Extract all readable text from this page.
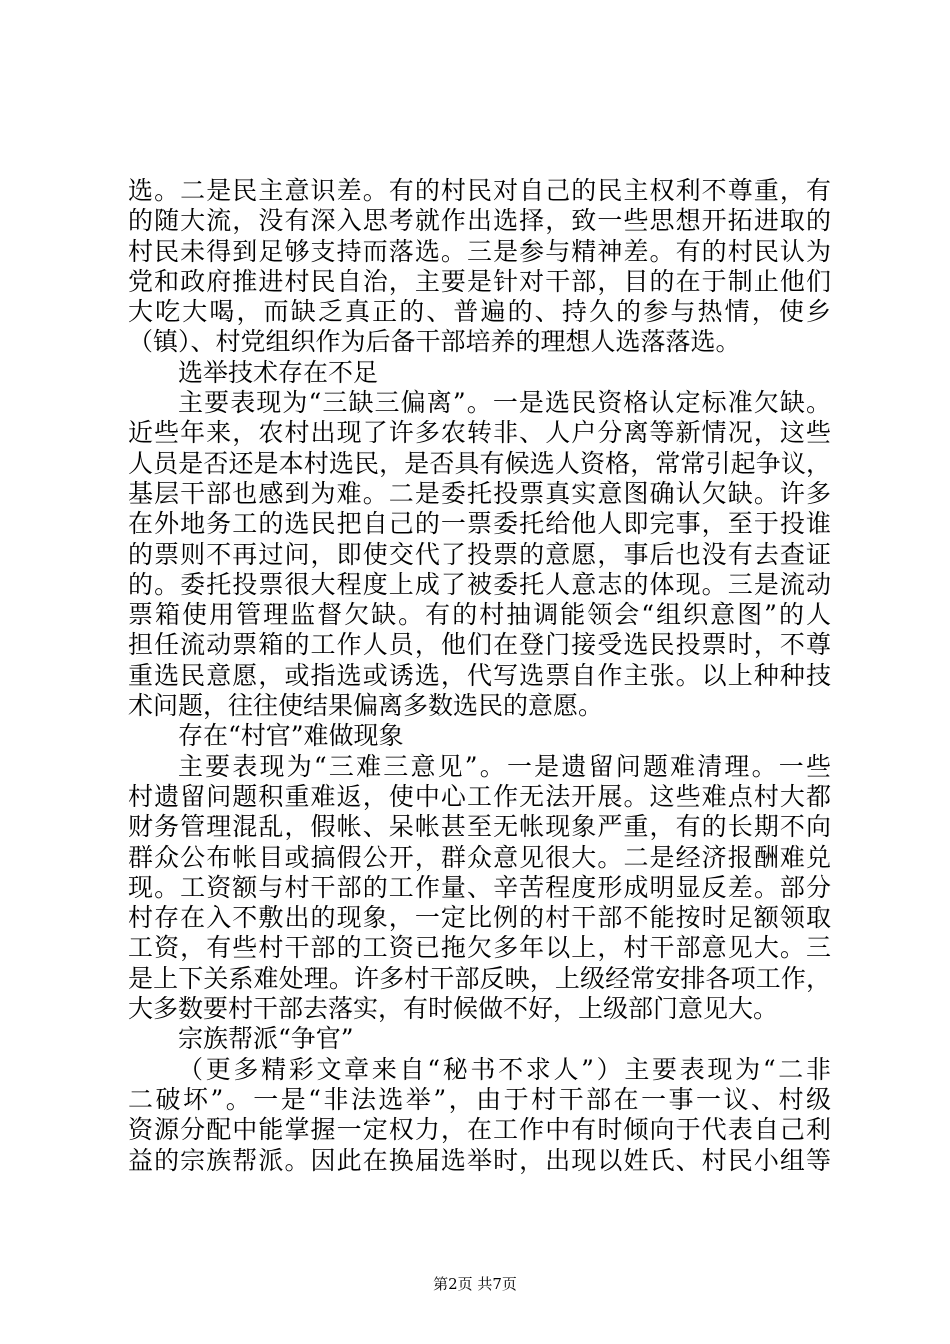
选。二是民主意识差。有的村民对自己的民主权利不尊重，有
的随大流，没有深入思考就作出选择，致一些思想开拓进取的
村民未得到足够支持而落选。三是参与精神差。有的村民认为
党和政府推进村民自治，主要是针对干部，目的在于制止他们
大吃大喝，而缺乏真正的、普遍的、持久的参与热情，使乡
（镇）、村党组织作为后备干部培养的理想人选落落选。
选举技术存在不足
主要表现为“三缺三偏离”。一是选民资格认定标准欠缺。
近些年来，农村出现了许多农转非、人户分离等新情况，这些
人员是否还是本村选民，是否具有候选人资格，常常引起争议，
基层干部也感到为难。二是委托投票真实意图确认欠缺。许多
在外地务工的选民把自己的一票委托给他人即完事，至于投谁
的票则不再过问，即使交代了投票的意愿，事后也没有去查证
的。委托投票很大程度上成了被委托人意志的体现。三是流动
票箱使用管理监督欠缺。有的村抽调能领会“组织意图”的人
担任流动票箱的工作人员，他们在登门接受选民投票时，不尊
重选民意愿，或指选或诱选，代写选票自作主张。以上种种技
术问题，往往使结果偏离多数选民的意愿。
存在“村官”难做现象
主要表现为“三难三意见”。一是遗留问题难清理。一些
村遗留问题积重难返，使中心工作无法开展。这些难点村大都
财务管理混乱，假帐、呆帐甚至无帐现象严重，有的长期不向
群众公布帐目或搞假公开，群众意见很大。二是经济报酬难兑
现。工资额与村干部的工作量、辛苦程度形成明显反差。部分
村存在入不敷出的现象，一定比例的村干部不能按时足额领取
工资，有些村干部的工资已拖欠多年以上，村干部意见大。三
是上下关系难处理。许多村干部反映，上级经常安排各项工作，
大多数要村干部去落实，有时候做不好，上级部门意见大。
宗族帮派“争官”
（更多精彩文章来自“秘书不求人”）主要表现为“二非
二破坏”。一是“非法选举”，由于村干部在一事一议、村级
资源分配中能掌握一定权力，在工作中有时倾向于代表自己利
益的宗族帮派。因此在换届选举时，出现以姓氏、村民小组等
第2页 共7页
